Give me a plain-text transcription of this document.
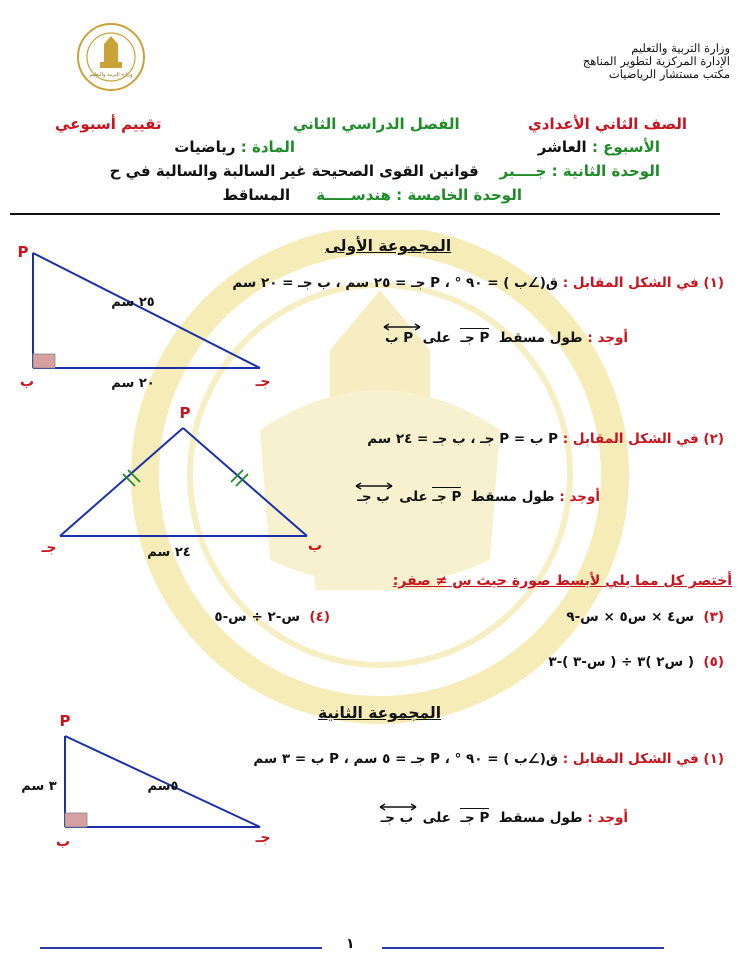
وزارة التربية والتعليم
الإدارة المركزية لتطوير المناهج
مكتب مستشار الرياضيات
وزارة التربية والتعليم
الصف الثاني الأعدادي
الفصل الدراسي الثاني
تقييم أسبوعي
الأسبوع : العاشر
المادة : رياضيات
الوحدة الثانية : جــــبر    قوانين القوى الصحيحة غير السالبة والسالبة في ح
الوحدة الخامسة : هندســـــة     المساقط
المجموعة الأولى
(١) في الشكل المقابل : ق(∠ب ) = ٩٠ ° ، P جـ = ٢٥ سم ، ب جـ = ٢٠ سم
أوجد : طول مسقط  P جـ  على
P ب
P
ب	جـ
٢٥ سم
٢٠ سم
(٢) في الشكل المقابل : P ب = P جـ ، ب جـ = ٢٤ سم
أوجد : طول مسقط  P جـ على
ب جـ
P
جـ	ب
٢٤ سم
أختصر كل مما يلي لأبسط صورة حيث س ≠ صفر:
(٣)  س٤ × س٥ × س-٩
(٤)  س-٢ ÷ س-٥
(٥)  ( س٢ )٣ ÷ ( س-٣ )-٣
المجموعة الثانية
(١) في الشكل المقابل : ق(∠ب ) = ٩٠ ° ، P جـ = ٥ سم ، P ب = ٣ سم
أوجد : طول مسقط  P جـ  على
ب جـ
P
ب	جـ
٣ سم	٥سم
١
